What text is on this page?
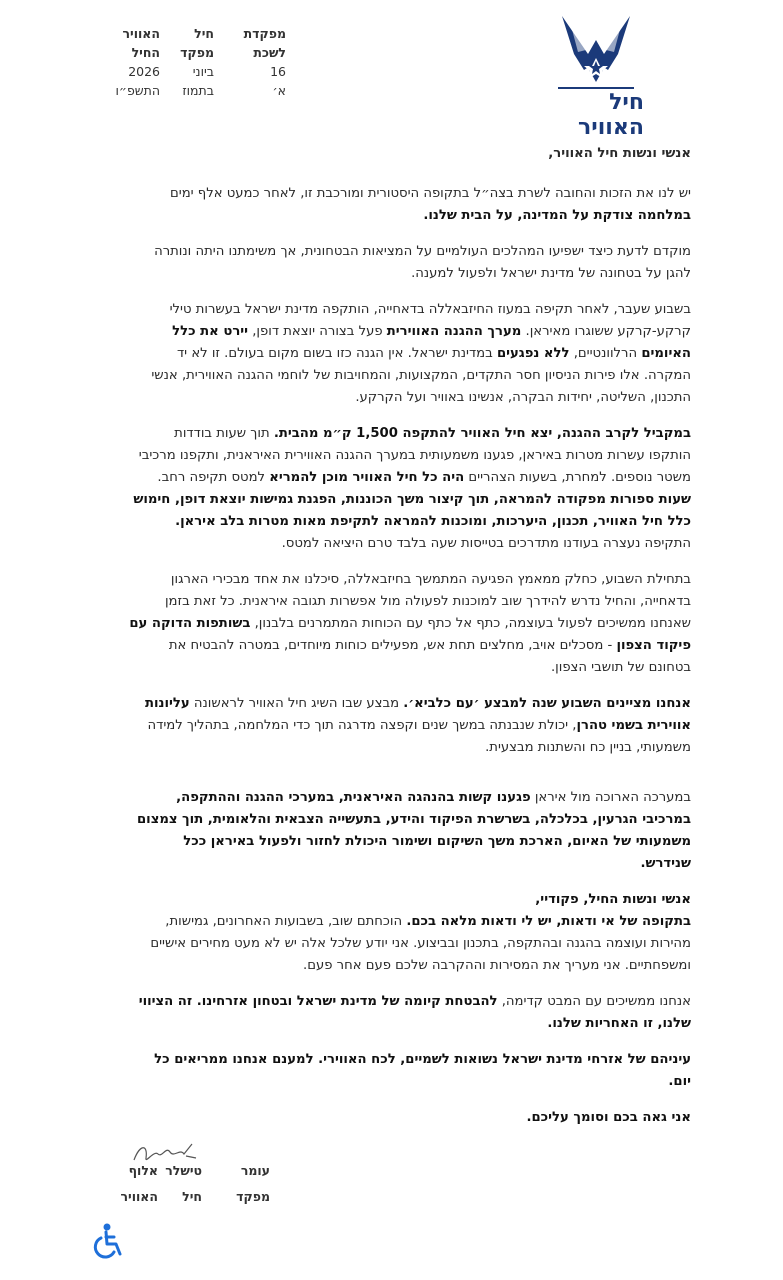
מפקדת
חיל
האוויר
לשכת
מפקד
החיל
16
ביוני
2026
א׳
בתמוז
התשפ״ו	חיל האוויר

אנשי ונשות חיל האוויר,

יש לנו את הזכות והחובה לשרת בצה״ל בתקופה היסטורית ומורכבת זו, לאחר כמעט אלף ימים במלחמה צודקת על המדינה, על הבית שלנו.

מוקדם לדעת כיצד ישפיעו המהלכים העולמיים על המציאות הבטחונית, אך משימתנו היתה ונותרה להגן על בטחונה של מדינת ישראל ולפעול למענה.

בשבוע שעבר, לאחר תקיפה במעוז החיזבאללה בדאחייה, הותקפה מדינת ישראל בעשרות טילי קרקע-קרקע ששוגרו מאיראן. מערך ההגנה האווירית פעל בצורה יוצאת דופן, יירט את כלל האיומים הרלוונטיים, ללא נפגעים במדינת ישראל. אין הגנה כזו בשום מקום בעולם. זו לא יד המקרה. אלו פירות הניסיון חסר התקדים, המקצועות, והמחויבות של לוחמי ההגנה האווירית, אנשי התכנון, השליטה, יחידות הבקרה, אנשינו באוויר ועל הקרקע.

במקביל לקרב ההגנה, יצא חיל האוויר להתקפה 1,500 ק״מ מהבית. תוך שעות בודדות הותקפו עשרות מטרות באיראן, פגענו משמעותית במערך ההגנה האווירית האיראנית, ותקפנו מרכיבי משטר נוספים. למחרת, בשעות הצהריים היה כל חיל האוויר מוכן להמריא למטס תקיפה רחב. שעות ספורות מפקודה להמראה, תוך קיצור משך הכוננות, הפגנת גמישות יוצאת דופן, חימוש כלל חיל האוויר, תכנון, היערכות, ומוכנות להמראה לתקיפת מאות מטרות בלב איראן. התקיפה נעצרה בעודנו מתדרכים בטייסות שעה בלבד טרם היציאה למטס.

בתחילת השבוע, כחלק ממאמץ הפגיעה המתמשך בחיזבאללה, סיכלנו את אחד מבכירי הארגון בדאחייה, והחיל נדרש להידרך שוב למוכנות לפעולה מול אפשרות תגובה איראנית. כל זאת בזמן שאנחנו ממשיכים לפעול בעוצמה, כתף אל כתף עם הכוחות המתמרנים בלבנון, בשותפות הדוקה עם פיקוד הצפון - מסכלים אויב, מחלצים תחת אש, מפעילים כוחות מיוחדים, במטרה להבטיח את בטחונם של תושבי הצפון.

אנחנו מציינים השבוע שנה למבצע ׳עם כלביא׳. מבצע שבו השיג חיל האוויר לראשונה עליונות אווירית בשמי טהרן, יכולת שנבנתה במשך שנים וקפצה מדרגה תוך כדי המלחמה, בתהליך למידה משמעותי, בניין כח והשתנות מבצעית.

במערכה הארוכה מול איראן פגענו קשות בהנהגה האיראנית, במערכי ההגנה וההתקפה, במרכיבי הגרעין, בכלכלה, בשרשרת הפיקוד והידע, בתעשייה הצבאית והלאומית, תוך צמצום משמעותי של האיום, הארכת משך השיקום ושימור היכולת לחזור ולפעול באיראן ככל שנידרש.

אנשי ונשות החיל, פקודיי,
בתקופה של אי ודאות, יש לי ודאות מלאה בכם. הוכחתם שוב, בשבועות האחרונים, גמישות, מהירות ועוצמה בהגנה ובהתקפה, בתכנון ובביצוע. אני יודע שלכל אלה יש לא מעט מחירים אישיים ומשפחתיים. אני מעריך את המסירות וההקרבה שלכם פעם אחר פעם.

אנחנו ממשיכים עם המבט קדימה, להבטחת קיומה של מדינת ישראל ובטחון אזרחינו. זה הציווי שלנו, זו האחריות שלנו.

עיניהם של אזרחי מדינת ישראל נשואות לשמיים, לכח האווירי. למענם אנחנו ממריאים כל יום.

אני גאה בכם וסומך עליכם.

עומר
טישלר
אלוף
מפקד
חיל
האוויר
